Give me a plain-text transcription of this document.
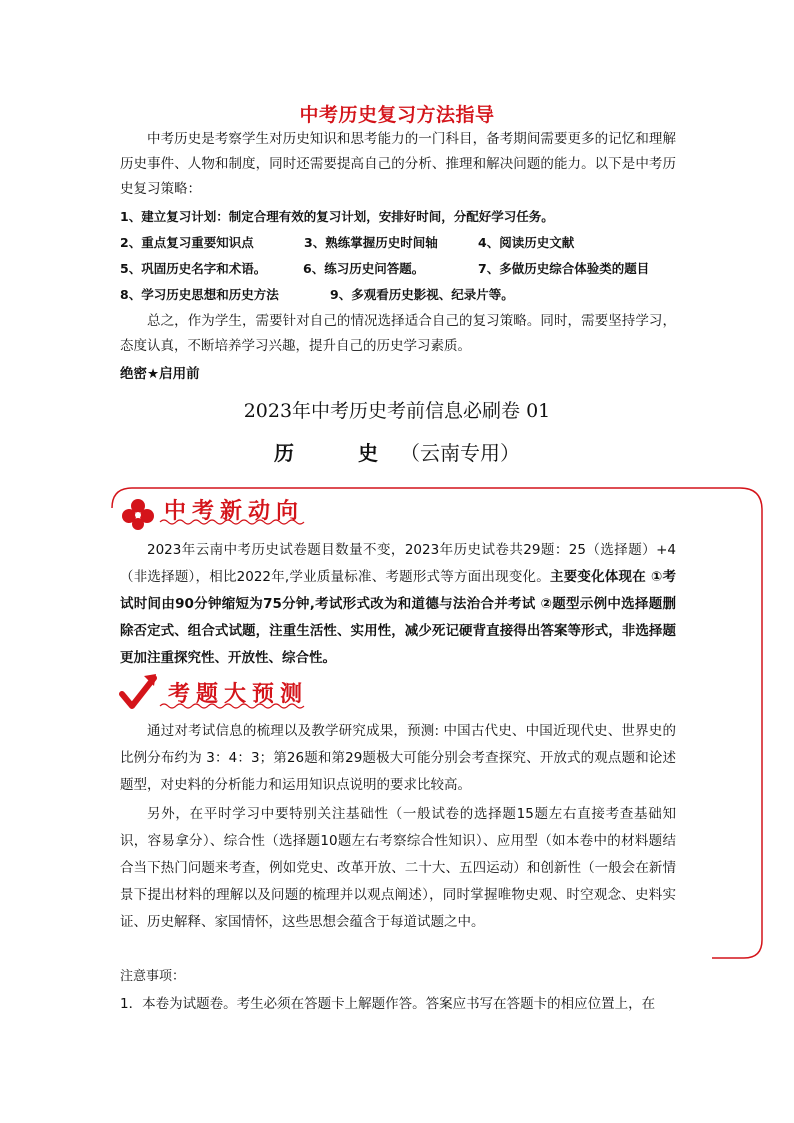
中考历史复习方法指导
中考历史是考察学生对历史知识和思考能力的一门科目，备考期间需要更多的记忆和理解历史事件、人物和制度，同时还需要提高自己的分析、推理和解决问题的能力。以下是中考历史复习策略：
1、建立复习计划：制定合理有效的复习计划，安排好时间，分配好学习任务。
2、重点复习重要知识点	3、熟练掌握历史时间轴	4、阅读历史文献
5、巩固历史名字和术语。	6、练习历史问答题。	7、多做历史综合体验类的题目
8、学习历史思想和历史方法	9、多观看历史影视、纪录片等。
总之，作为学生，需要针对自己的情况选择适合自己的复习策略。同时，需要坚持学习，态度认真，不断培养学习兴趣，提升自己的历史学习素质。
绝密★启用前
2023年中考历史考前信息必刷卷 01
历　史（云南专用）
中考新动向
2023年云南中考历史试卷题目数量不变，2023年历史试卷共29题：25（选择题）+4（非选择题），相比2022年,学业质量标准、考题形式等方面出现变化。主要变化体现在 ①考试时间由90分钟缩短为75分钟,考试形式改为和道德与法治合并考试 ②题型示例中选择题删除否定式、组合式试题，注重生活性、实用性，减少死记硬背直接得出答案等形式，非选择题更加注重探究性、开放性、综合性。
考题大预测
通过对考试信息的梳理以及教学研究成果，预测: 中国古代史、中国近现代史、世界史的比例分布约为 3：4：3；第26题和第29题极大可能分别会考查探究、开放式的观点题和论述题型，对史料的分析能力和运用知识点说明的要求比较高。
另外，在平时学习中要特别关注基础性（一般试卷的选择题15题左右直接考查基础知识，容易拿分）、综合性（选择题10题左右考察综合性知识）、应用型（如本卷中的材料题结合当下热门问题来考查，例如党史、改革开放、二十大、五四运动）和创新性（一般会在新情景下提出材料的理解以及问题的梳理并以观点阐述），同时掌握唯物史观、时空观念、史料实证、历史解释、家国情怀，这些思想会蕴含于每道试题之中。
注意事项：
1．本卷为试题卷。考生必须在答题卡上解题作答。答案应书写在答题卡的相应位置上，在
